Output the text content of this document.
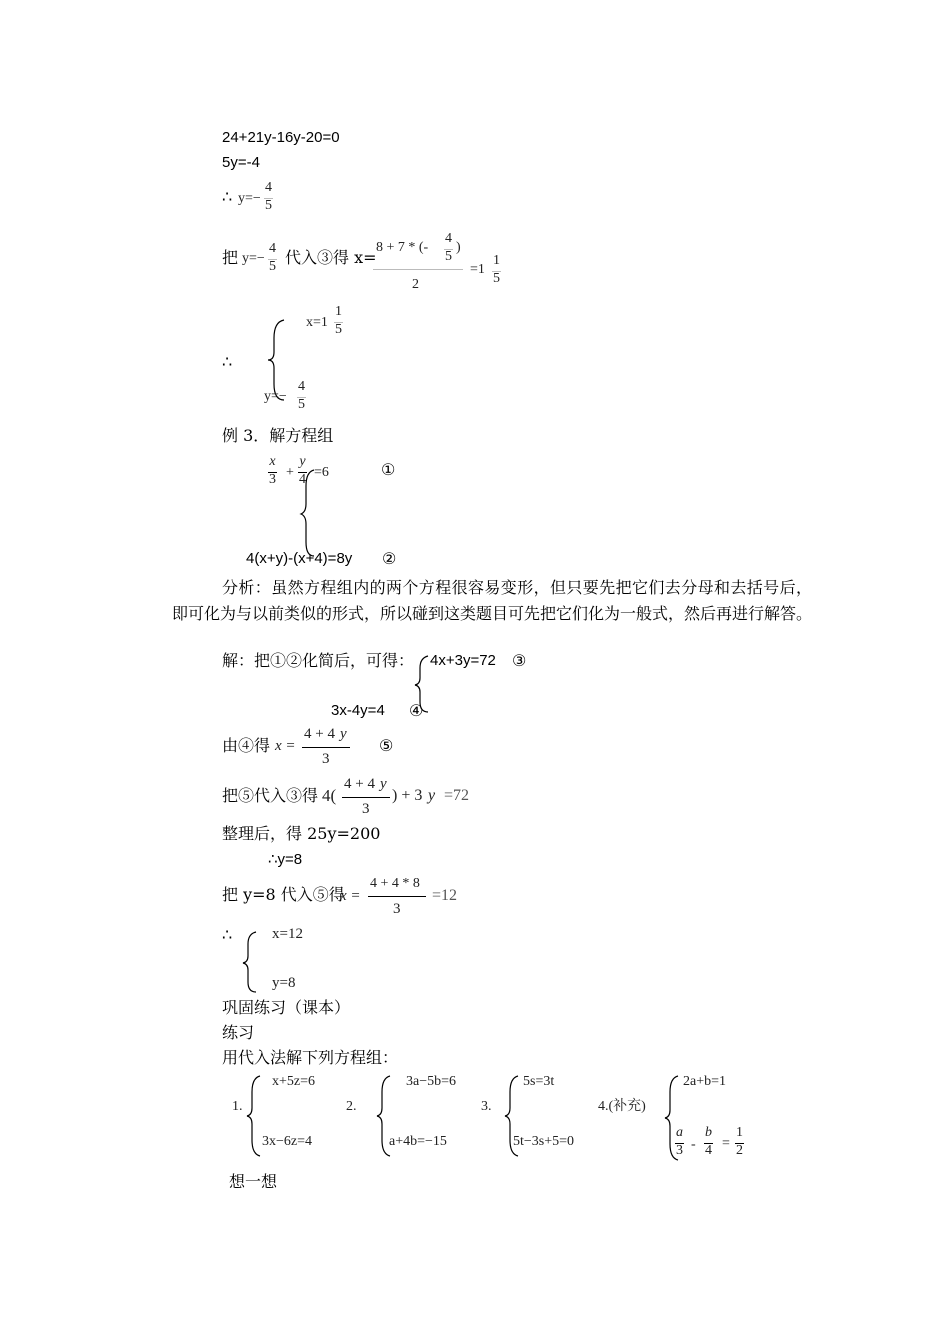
24+21y-16y-20=0
5y=-4
∴ $y=- \frac{4}{5}$
把 $y=- \frac{4}{5}$ 代入③得 x=
8 + 7 * (- $\frac{4}{5}$ )
2
$=1 \frac{1}{5}$
∴
$x=1 \frac{1}{5}$
$y=- \frac{4}{5}$
例 3．解方程组
$\frac{x}{3} + \frac{y}{4} =6$	①
4(x+y)-(x+4)=8y ②
分析：虽然方程组内的两个方程很容易变形，但只要先把它们去分母和去括号后，即可化为与以前类似的形式，所以碰到这类题目可先把它们化为一般式，然后再进行解答。
解：把①②化简后，可得： 4x+3y=72 ③
3x-4y=4 ④
由④得 x =
4 + 4 y
3
⑤
把⑤代入③得 4(
4 + 4 y
3
) + 3 y =72
整理后，得 25y=200
∴y=8
把 y=8 代入⑤得
x =
4 + 4 * 8
3
=12
∴	x=12
y=8
巩固练习（课本）
练习
用代入法解下列方程组：
1.
x+5z=6
3x−6z=4
2.
3a−5b=6
a+4b=−15
3.
5s=3t
5t−3s+5=0
4.(补充)
2a+b=1
$\frac{a}{3} - \frac{b}{4} = \frac{1}{2}$
想一想
